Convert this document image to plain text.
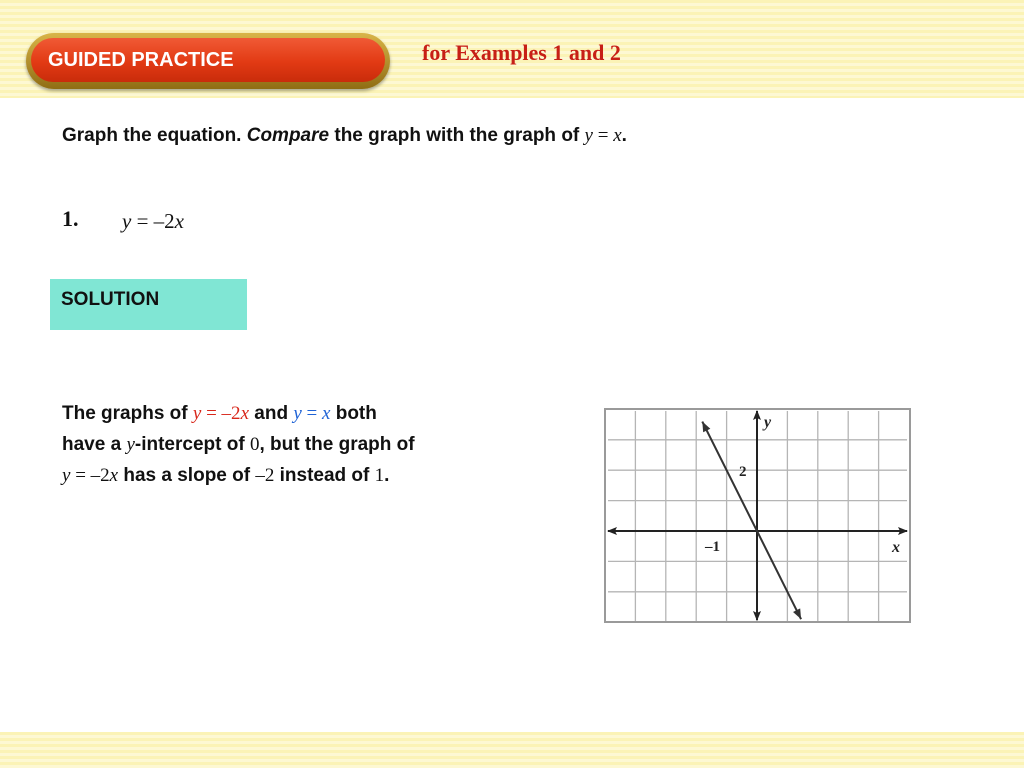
GUIDED PRACTICE	for Examples 1 and 2
Graph the equation. Compare the graph with the graph of y = x.
1. y = –2x
SOLUTION
The graphs of y = –2x and y = x both have a y-intercept of 0, but the graph of y = –2x has a slope of –2 instead of 1.
y
x
2
–1
